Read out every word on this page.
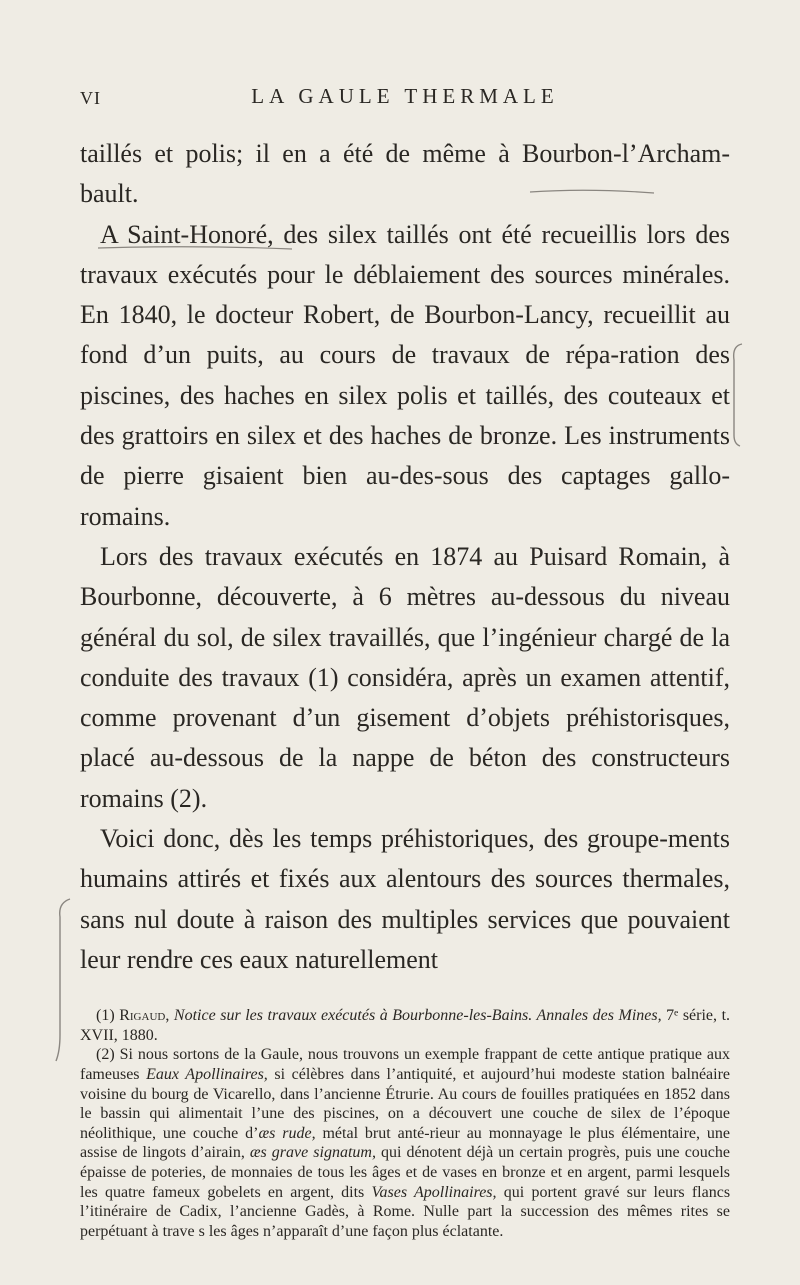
VI	LA GAULE THERMALE

taillés et polis; il en a été de même à Bourbon-l’Archam-bault.

A Saint-Honoré, des silex taillés ont été recueillis lors des travaux exécutés pour le déblaiement des sources minérales. En 1840, le docteur Robert, de Bourbon-Lancy, recueillit au fond d’un puits, au cours de travaux de répa-ration des piscines, des haches en silex polis et taillés, des couteaux et des grattoirs en silex et des haches de bronze. Les instruments de pierre gisaient bien au-des-sous des captages gallo-romains.

Lors des travaux exécutés en 1874 au Puisard Romain, à Bourbonne, découverte, à 6 mètres au-dessous du niveau général du sol, de silex travaillés, que l’ingénieur chargé de la conduite des travaux (1) considéra, après un examen attentif, comme provenant d’un gisement d’objets préhistorisques, placé au-dessous de la nappe de béton des constructeurs romains (2).

Voici donc, dès les temps préhistoriques, des groupe-ments humains attirés et fixés aux alentours des sources thermales, sans nul doute à raison des multiples services que pouvaient leur rendre ces eaux naturellement

(1) Rigaud, Notice sur les travaux exécutés à Bourbonne-les-Bains. Annales des Mines, 7ᵉ série, t. XVII, 1880.

(2) Si nous sortons de la Gaule, nous trouvons un exemple frappant de cette antique pratique aux fameuses Eaux Apollinaires, si célèbres dans l’antiquité, et aujourd’hui modeste station balnéaire voisine du bourg de Vicarello, dans l’ancienne Étrurie. Au cours de fouilles pratiquées en 1852 dans le bassin qui alimentait l’une des piscines, on a découvert une couche de silex de l’époque néolithique, une couche d’æs rude, métal brut anté-rieur au monnayage le plus élémentaire, une assise de lingots d’airain, æs grave signatum, qui dénotent déjà un certain progrès, puis une couche épaisse de poteries, de monnaies de tous les âges et de vases en bronze et en argent, parmi lesquels les quatre fameux gobelets en argent, dits Vases Apollinaires, qui portent gravé sur leurs flancs l’itinéraire de Cadix, l’ancienne Gadès, à Rome. Nulle part la succession des mêmes rites se perpétuant à trave s les âges n’apparaît d’une façon plus éclatante.
